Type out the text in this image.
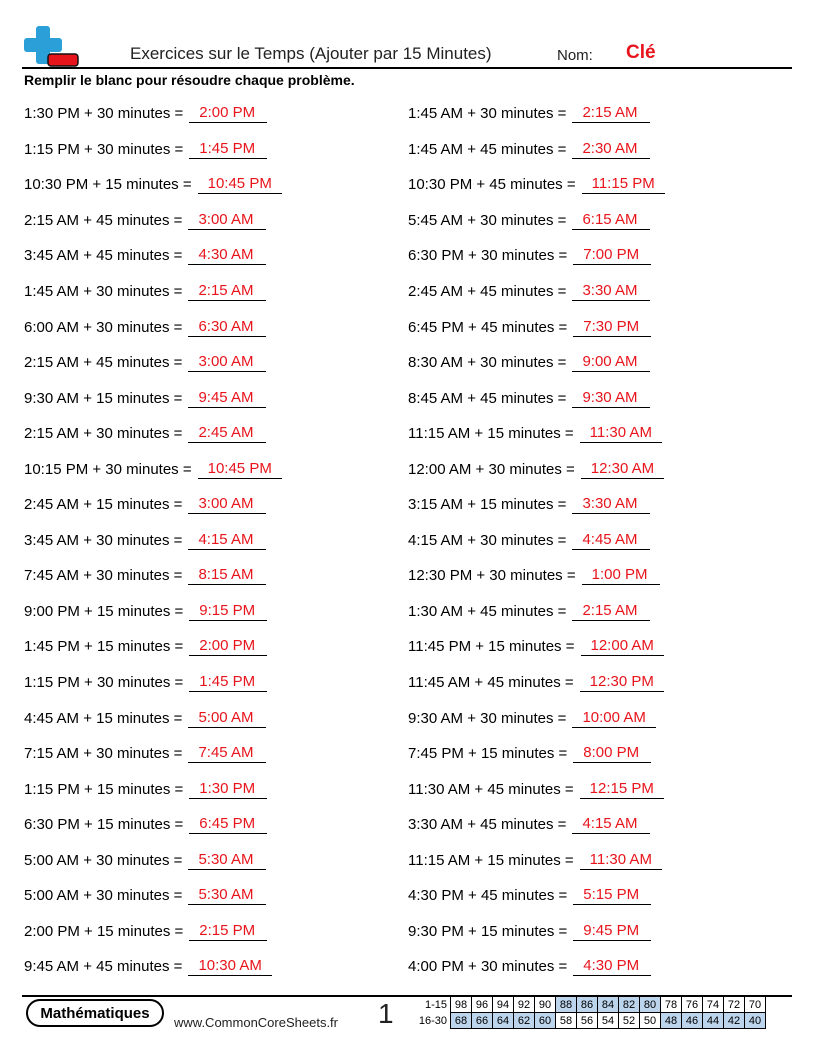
Exercices sur le Temps (Ajouter par 15 Minutes)	Nom: Clé
Remplir le blanc pour résoudre chaque problème.
1:30 PM + 30 minutes =	2:00 PM
1:15 PM + 30 minutes =	1:45 PM
10:30 PM + 15 minutes =	10:45 PM
2:15 AM + 45 minutes =	3:00 AM
3:45 AM + 45 minutes =	4:30 AM
1:45 AM + 30 minutes =	2:15 AM
6:00 AM + 30 minutes =	6:30 AM
2:15 AM + 45 minutes =	3:00 AM
9:30 AM + 15 minutes =	9:45 AM
2:15 AM + 30 minutes =	2:45 AM
10:15 PM + 30 minutes =	10:45 PM
2:45 AM + 15 minutes =	3:00 AM
3:45 AM + 30 minutes =	4:15 AM
7:45 AM + 30 minutes =	8:15 AM
9:00 PM + 15 minutes =	9:15 PM
1:45 PM + 15 minutes =	2:00 PM
1:15 PM + 30 minutes =	1:45 PM
4:45 AM + 15 minutes =	5:00 AM
7:15 AM + 30 minutes =	7:45 AM
1:15 PM + 15 minutes =	1:30 PM
6:30 PM + 15 minutes =	6:45 PM
5:00 AM + 30 minutes =	5:30 AM
5:00 AM + 30 minutes =	5:30 AM
2:00 PM + 15 minutes =	2:15 PM
9:45 AM + 45 minutes =	10:30 AM
1:45 AM + 30 minutes =	2:15 AM
1:45 AM + 45 minutes =	2:30 AM
10:30 PM + 45 minutes =	11:15 PM
5:45 AM + 30 minutes =	6:15 AM
6:30 PM + 30 minutes =	7:00 PM
2:45 AM + 45 minutes =	3:30 AM
6:45 PM + 45 minutes =	7:30 PM
8:30 AM + 30 minutes =	9:00 AM
8:45 AM + 45 minutes =	9:30 AM
11:15 AM + 15 minutes =	11:30 AM
12:00 AM + 30 minutes =	12:30 AM
3:15 AM + 15 minutes =	3:30 AM
4:15 AM + 30 minutes =	4:45 AM
12:30 PM + 30 minutes =	1:00 PM
1:30 AM + 45 minutes =	2:15 AM
11:45 PM + 15 minutes =	12:00 AM
11:45 AM + 45 minutes =	12:30 PM
9:30 AM + 30 minutes =	10:00 AM
7:45 PM + 15 minutes =	8:00 PM
11:30 AM + 45 minutes =	12:15 PM
3:30 AM + 45 minutes =	4:15 AM
11:15 AM + 15 minutes =	11:30 AM
4:30 PM + 45 minutes =	5:15 PM
9:30 PM + 15 minutes =	9:45 PM
4:00 PM + 30 minutes =	4:30 PM
Mathématiques
www.CommonCoreSheets.fr 1	1-15	98	96	94	92	90	88	86	84	82	80	78	76	74	72	70
16-30	68	66	64	62	60	58	56	54	52	50	48	46	44	42	40
